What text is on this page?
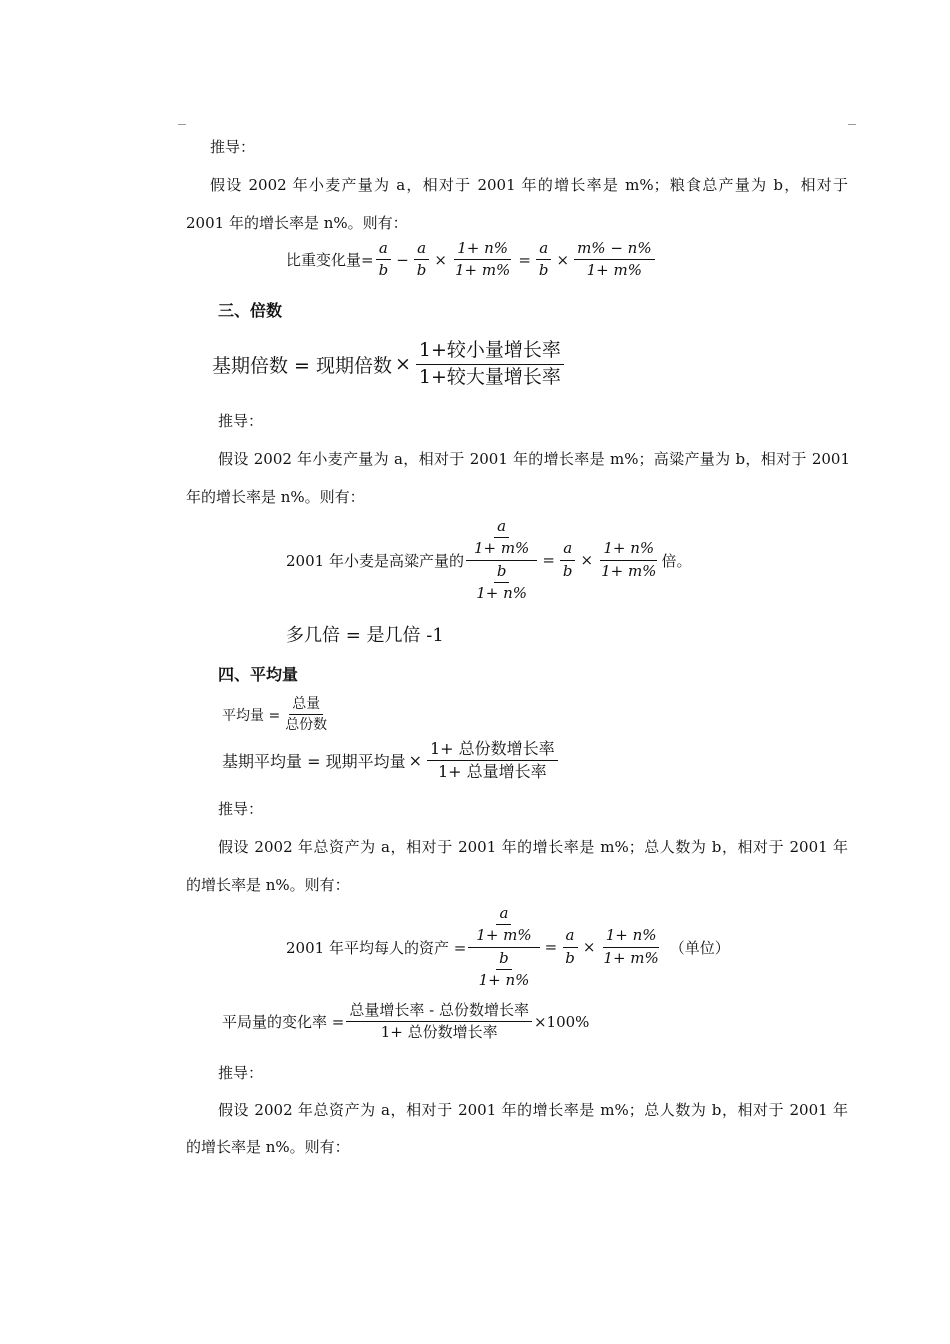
推导：
假设 2002 年小麦产量为 a，相对于 2001 年的增长率是 m%；粮食总产量为 b，相对于
2001 年的增长率是 n%。则有：
比重变化量= $\frac{a}{b} - \frac{a}{b} \times \frac{1+ n\%}{1+ m\%} = \frac{a}{b} \times \frac{m\% - n\%}{1+ m\%}$
三、倍数
基期倍数 = 现期倍数 × $\frac{\text{1+较小量增长率}}{\text{1+较大量增长率}}$
推导：
假设 2002 年小麦产量为 a，相对于 2001 年的增长率是 m%；高粱产量为 b，相对于 2001
年的增长率是 n%。则有：
2001 年小麦是高粱产量的 $\frac{\frac{a}{1+ m\%}}{\frac{b}{1+ n\%}} = \frac{a}{b} \times \frac{1+ n\%}{1+ m\%}$ 倍。
多几倍 = 是几倍 -1
四、平均量
平均量 = $\frac{\text{总量}}{\text{总份数}}$
基期平均量 = 现期平均量 × $\frac{\text{1+ 总份数增长率}}{\text{1+ 总量增长率}}$
推导：
假设 2002 年总资产为 a，相对于 2001 年的增长率是 m%；总人数为 b，相对于 2001 年
的增长率是 n%。则有：
2001 年平均每人的资产 = $\frac{\frac{a}{1+ m\%}}{\frac{b}{1+ n\%}} = \frac{a}{b} \times \frac{1+ n\%}{1+ m\%}$ （单位）
平局量的变化率 = $\frac{\text{总量增长率 - 总份数增长率}}{\text{1+ 总份数增长率}} \times 100\%$
推导：
假设 2002 年总资产为 a，相对于 2001 年的增长率是 m%；总人数为 b，相对于 2001 年
的增长率是 n%。则有：
